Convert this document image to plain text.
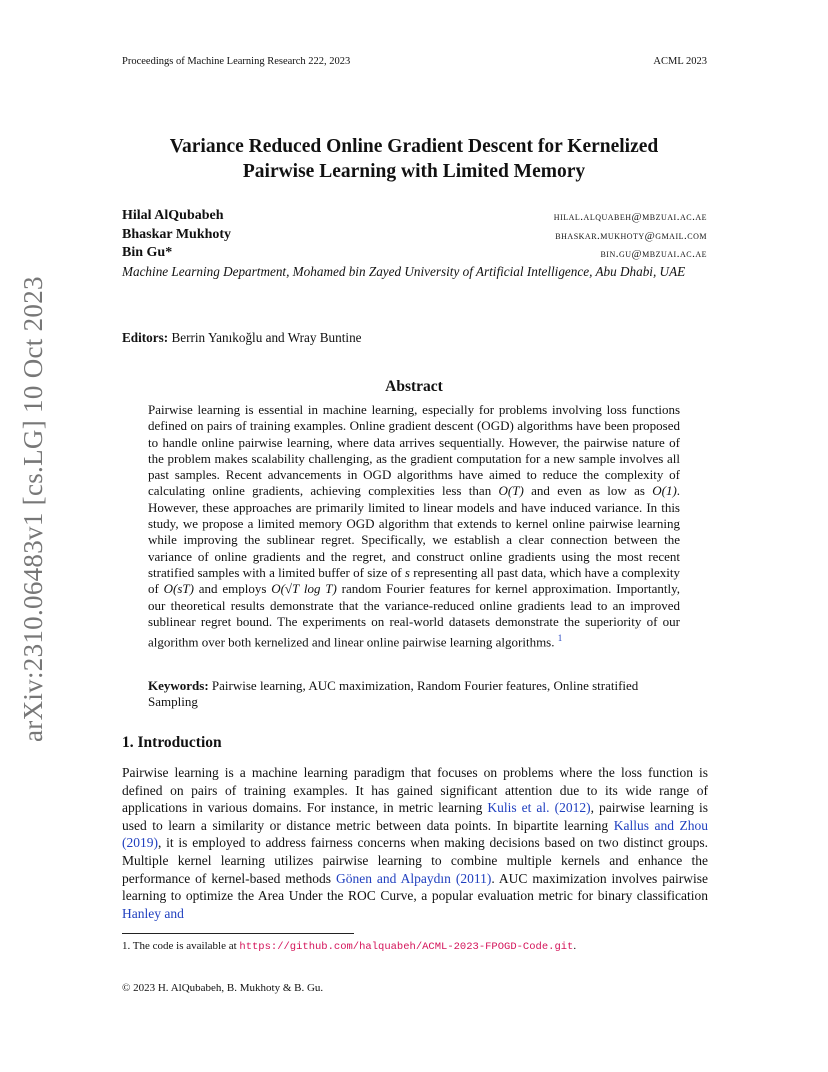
Proceedings of Machine Learning Research 222, 2023	ACML 2023
arXiv:2310.06483v1 [cs.LG] 10 Oct 2023
Variance Reduced Online Gradient Descent for Kernelized
Pairwise Learning with Limited Memory
Hilal AlQubabeh	hilal.alquabeh@mbzuai.ac.ae
Bhaskar Mukhoty	bhaskar.mukhoty@gmail.com
Bin Gu*	bin.gu@mbzuai.ac.ae
Machine Learning Department, Mohamed bin Zayed University of Artificial Intelligence, Abu Dhabi, UAE
Editors: Berrin Yanıkoğlu and Wray Buntine
Abstract
Pairwise learning is essential in machine learning, especially for problems involving loss functions defined on pairs of training examples. Online gradient descent (OGD) algorithms have been proposed to handle online pairwise learning, where data arrives sequentially. However, the pairwise nature of the problem makes scalability challenging, as the gradient computation for a new sample involves all past samples. Recent advancements in OGD algorithms have aimed to reduce the complexity of calculating online gradients, achieving complexities less than O(T) and even as low as O(1). However, these approaches are primarily limited to linear models and have induced variance. In this study, we propose a limited memory OGD algorithm that extends to kernel online pairwise learning while improving the sublinear regret. Specifically, we establish a clear connection between the variance of online gradients and the regret, and construct online gradients using the most recent stratified samples with a limited buffer of size of s representing all past data, which have a complexity of O(sT) and employs O(√T log T) random Fourier features for kernel approximation. Importantly, our theoretical results demonstrate that the variance-reduced online gradients lead to an improved sublinear regret bound. The experiments on real-world datasets demonstrate the superiority of our algorithm over both kernelized and linear online pairwise learning algorithms. $^1$
Keywords: Pairwise learning, AUC maximization, Random Fourier features, Online stratified Sampling
1. Introduction
Pairwise learning is a machine learning paradigm that focuses on problems where the loss function is defined on pairs of training examples. It has gained significant attention due to its wide range of applications in various domains. For instance, in metric learning Kulis et al. (2012), pairwise learning is used to learn a similarity or distance metric between data points. In bipartite learning Kallus and Zhou (2019), it is employed to address fairness concerns when making decisions based on two distinct groups. Multiple kernel learning utilizes pairwise learning to combine multiple kernels and enhance the performance of kernel-based methods Gönen and Alpaydın (2011). AUC maximization involves pairwise learning to optimize the Area Under the ROC Curve, a popular evaluation metric for binary classification Hanley and
1. The code is available at https://github.com/halquabeh/ACML-2023-FPOGD-Code.git.
© 2023 H. AlQubabeh, B. Mukhoty & B. Gu.
